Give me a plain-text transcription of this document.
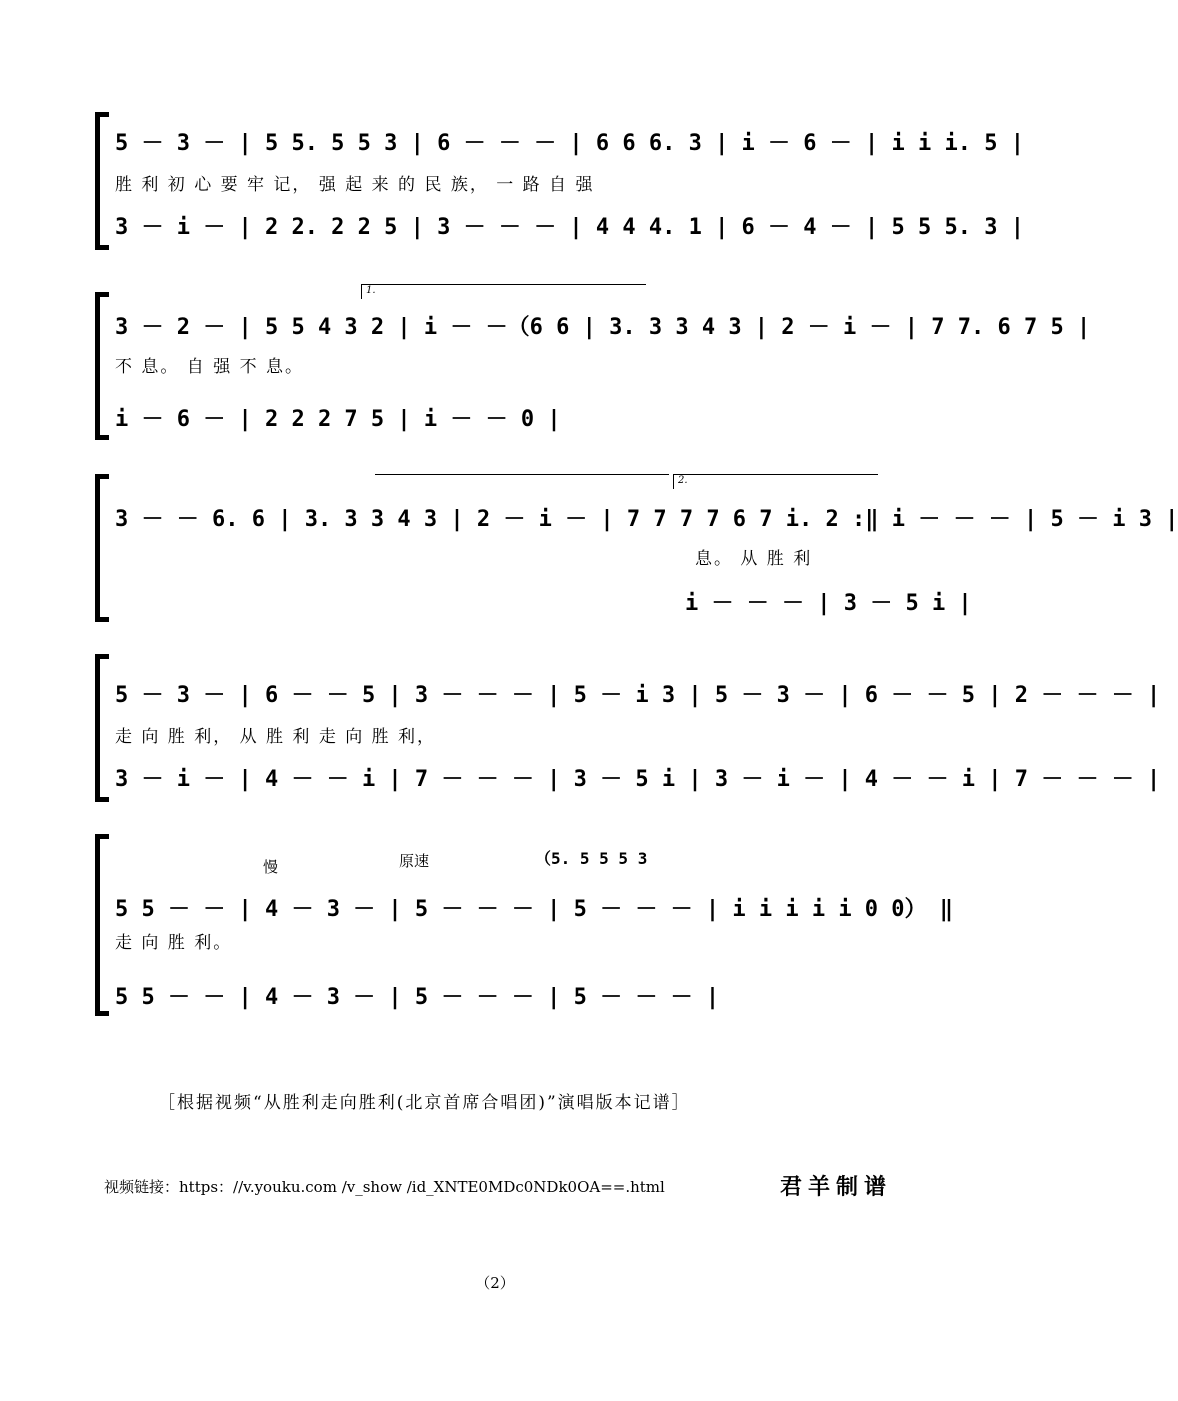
5 － 3 － | 5 5. 5 5 3 | 6 － － － | 6 6 6. 3 | i － 6 － | i i i. 5 |
胜 利 初 心 要 牢 记， 强 起 来 的 民 族， 一 路 自 强
3 － i － | 2 2. 2 2 5 | 3 － － － | 4 4 4. 1 | 6 － 4 － | 5 5 5. 3 |
1.
3 － 2 － | 5 5 4 3 2 | i － －（6 6 | 3. 3 3 4 3 | 2 － i － | 7 7. 6 7 5 |
不 息。 自 强 不 息。
i － 6 － | 2 2 2 7 5 | i － － 0 |
2.
3 － － 6. 6 | 3. 3 3 4 3 | 2 － i － | 7 7 7 7 6 7 i. 2 :‖ i － － － | 5 － i 3 |
息。 从 胜 利
i － － － | 3 － 5 i |
5 － 3 － | 6 － － 5 | 3 － － － | 5 － i 3 | 5 － 3 － | 6 － － 5 | 2 － － － |
走 向 胜 利， 从 胜 利 走 向 胜 利，
3 － i － | 4 － － i | 7 － － － | 3 － 5 i | 3 － i － | 4 － － i | 7 － － － |
慢	原速	（5. 5 5 5 3
5 5 － － | 4 － 3 － | 5 － － － | 5 － － － | i i i i i 0 0） ‖
走 向 胜 利。
5 5 － － | 4 － 3 － | 5 － － － | 5 － － － |
［根据视频“从胜利走向胜利(北京首席合唱团)”演唱版本记谱］
视频链接：https：//v.youku.com /v_show /id_XNTE0MDc0NDk0OA==.html	君羊制谱
（2）
